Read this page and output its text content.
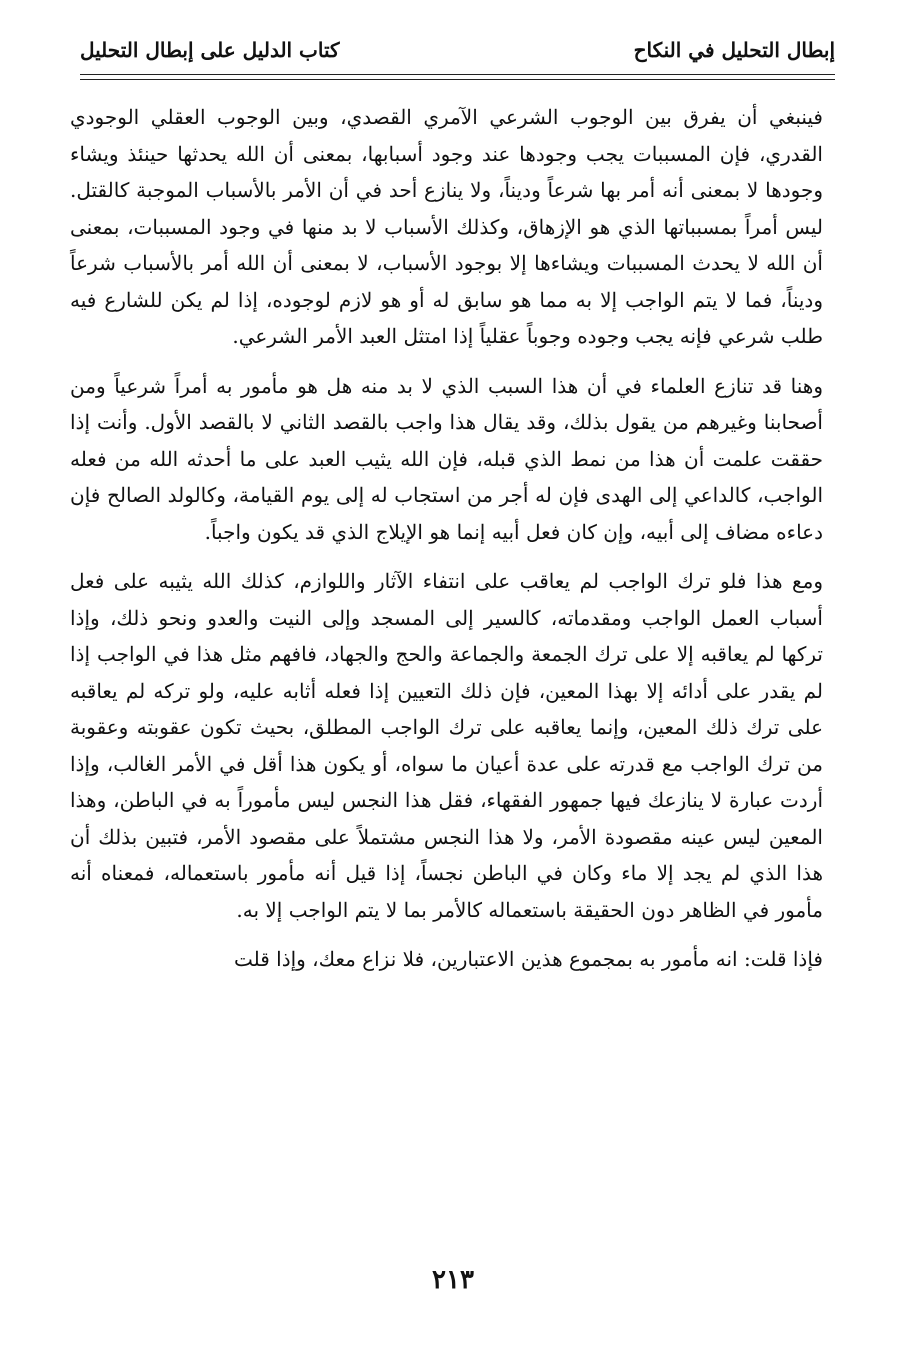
إبطال التحليل في النكاح
كتاب الدليل على إبطال التحليل

فينبغي أن يفرق بين الوجوب الشرعي الآمري القصدي، وبين الوجوب العقلي الوجودي القدري، فإن المسببات يجب وجودها عند وجود أسبابها، بمعنى أن الله يحدثها حينئذ ويشاء وجودها لا بمعنى أنه أمر بها شرعاً وديناً، ولا ينازع أحد في أن الأمر بالأسباب الموجبة كالقتل. ليس أمراً بمسبباتها الذي هو الإزهاق، وكذلك الأسباب لا بد منها في وجود المسببات، بمعنى أن الله لا يحدث المسببات ويشاءها إلا بوجود الأسباب، لا بمعنى أن الله أمر بالأسباب شرعاً وديناً، فما لا يتم الواجب إلا به مما هو سابق له أو هو لازم لوجوده، إذا لم يكن للشارع فيه طلب شرعي فإنه يجب وجوده وجوباً عقلياً إذا امتثل العبد الأمر الشرعي.

وهنا قد تنازع العلماء في أن هذا السبب الذي لا بد منه هل هو مأمور به أمراً شرعياً ومن أصحابنا وغيرهم من يقول بذلك، وقد يقال هذا واجب بالقصد الثاني لا بالقصد الأول. وأنت إذا حققت علمت أن هذا من نمط الذي قبله، فإن الله يثيب العبد على ما أحدثه الله من فعله الواجب، كالداعي إلى الهدى فإن له أجر من استجاب له إلى يوم القيامة، وكالولد الصالح فإن دعاءه مضاف إلى أبيه، وإن كان فعل أبيه إنما هو الإيلاج الذي قد يكون واجباً.

ومع هذا فلو ترك الواجب لم يعاقب على انتفاء الآثار واللوازم، كذلك الله يثيبه على فعل أسباب العمل الواجب ومقدماته، كالسير إلى المسجد وإلى النيت والعدو ونحو ذلك، وإذا تركها لم يعاقبه إلا على ترك الجمعة والجماعة والحج والجهاد، فافهم مثل هذا في الواجب إذا لم يقدر على أدائه إلا بهذا المعين، فإن ذلك التعيين إذا فعله أثابه عليه، ولو تركه لم يعاقبه على ترك ذلك المعين، وإنما يعاقبه على ترك الواجب المطلق، بحيث تكون عقوبته وعقوبة من ترك الواجب مع قدرته على عدة أعيان ما سواه، أو يكون هذا أقل في الأمر الغالب، وإذا أردت عبارة لا ينازعك فيها جمهور الفقهاء، فقل هذا النجس ليس مأموراً به في الباطن، وهذا المعين ليس عينه مقصودة الأمر، ولا هذا النجس مشتملاً على مقصود الأمر، فتبين بذلك أن هذا الذي لم يجد إلا ماء وكان في الباطن نجساً، إذا قيل أنه مأمور باستعماله، فمعناه أنه مأمور في الظاهر دون الحقيقة باستعماله كالأمر بما لا يتم الواجب إلا به.

فإذا قلت: انه مأمور به بمجموع هذين الاعتبارين، فلا نزاع معك، وإذا قلت

٢١٣
